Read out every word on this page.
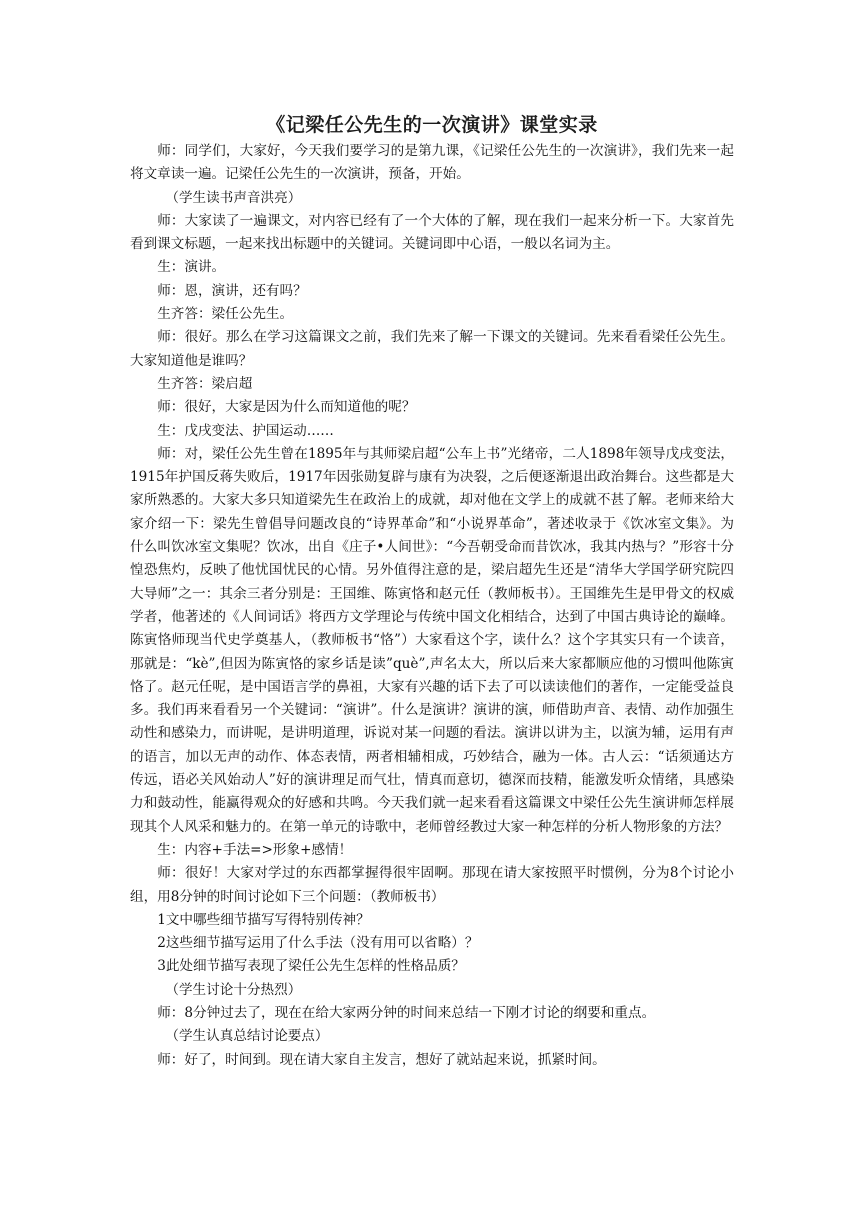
《记梁任公先生的一次演讲》课堂实录

师：同学们，大家好，今天我们要学习的是第九课，《记梁任公先生的一次演讲》，我们先来一起将文章读一遍。记梁任公先生的一次演讲，预备，开始。

（学生读书声音洪亮）

师：大家读了一遍课文，对内容已经有了一个大体的了解，现在我们一起来分析一下。大家首先看到课文标题，一起来找出标题中的关键词。关键词即中心语，一般以名词为主。

生：演讲。

师：恩，演讲，还有吗？

生齐答：梁任公先生。

师：很好。那么在学习这篇课文之前，我们先来了解一下课文的关键词。先来看看梁任公先生。大家知道他是谁吗？

生齐答：梁启超

师：很好，大家是因为什么而知道他的呢？

生：戊戌变法、护国运动……

师：对，梁任公先生曾在1895年与其师梁启超“公车上书”光绪帝，二人1898年领导戊戌变法，1915年护国反蒋失败后，1917年因张勋复辟与康有为决裂，之后便逐渐退出政治舞台。这些都是大家所熟悉的。大家大多只知道梁先生在政治上的成就，却对他在文学上的成就不甚了解。老师来给大家介绍一下：梁先生曾倡导问题改良的“诗界革命”和“小说界革命”，著述收录于《饮冰室文集》。为什么叫饮冰室文集呢？饮冰，出自《庄子•人间世》：“今吾朝受命而昔饮冰，我其内热与？”形容十分惶恐焦灼，反映了他忧国忧民的心情。另外值得注意的是，梁启超先生还是“清华大学国学研究院四大导师”之一：其余三者分别是：王国维、陈寅恪和赵元任（教师板书）。王国维先生是甲骨文的权威学者，他著述的《人间词话》将西方文学理论与传统中国文化相结合，达到了中国古典诗论的巅峰。陈寅恪师现当代史学奠基人，（教师板书“恪”）大家看这个字，读什么？这个字其实只有一个读音，那就是：“kè”,但因为陈寅恪的家乡话是读”què”,声名太大，所以后来大家都顺应他的习惯叫他陈寅恪了。赵元任呢，是中国语言学的鼻祖，大家有兴趣的话下去了可以读读他们的著作，一定能受益良多。我们再来看看另一个关键词：“演讲”。什么是演讲？演讲的演，师借助声音、表情、动作加强生动性和感染力，而讲呢，是讲明道理，诉说对某一问题的看法。演讲以讲为主，以演为辅，运用有声的语言，加以无声的动作、体态表情，两者相辅相成，巧妙结合，融为一体。古人云：“话须通达方传远，语必关风始动人”好的演讲理足而气壮，情真而意切，德深而技精，能激发听众情绪，具感染力和鼓动性，能赢得观众的好感和共鸣。今天我们就一起来看看这篇课文中梁任公先生演讲师怎样展现其个人风采和魅力的。在第一单元的诗歌中，老师曾经教过大家一种怎样的分析人物形象的方法？

生：内容+手法=>形象+感情！

师：很好！大家对学过的东西都掌握得很牢固啊。那现在请大家按照平时惯例，分为8个讨论小组，用8分钟的时间讨论如下三个问题：（教师板书）

1文中哪些细节描写写得特别传神？

2这些细节描写运用了什么手法（没有用可以省略）？

3此处细节描写表现了梁任公先生怎样的性格品质？

（学生讨论十分热烈）

师：8分钟过去了，现在在给大家两分钟的时间来总结一下刚才讨论的纲要和重点。

（学生认真总结讨论要点）

师：好了，时间到。现在请大家自主发言，想好了就站起来说，抓紧时间。
